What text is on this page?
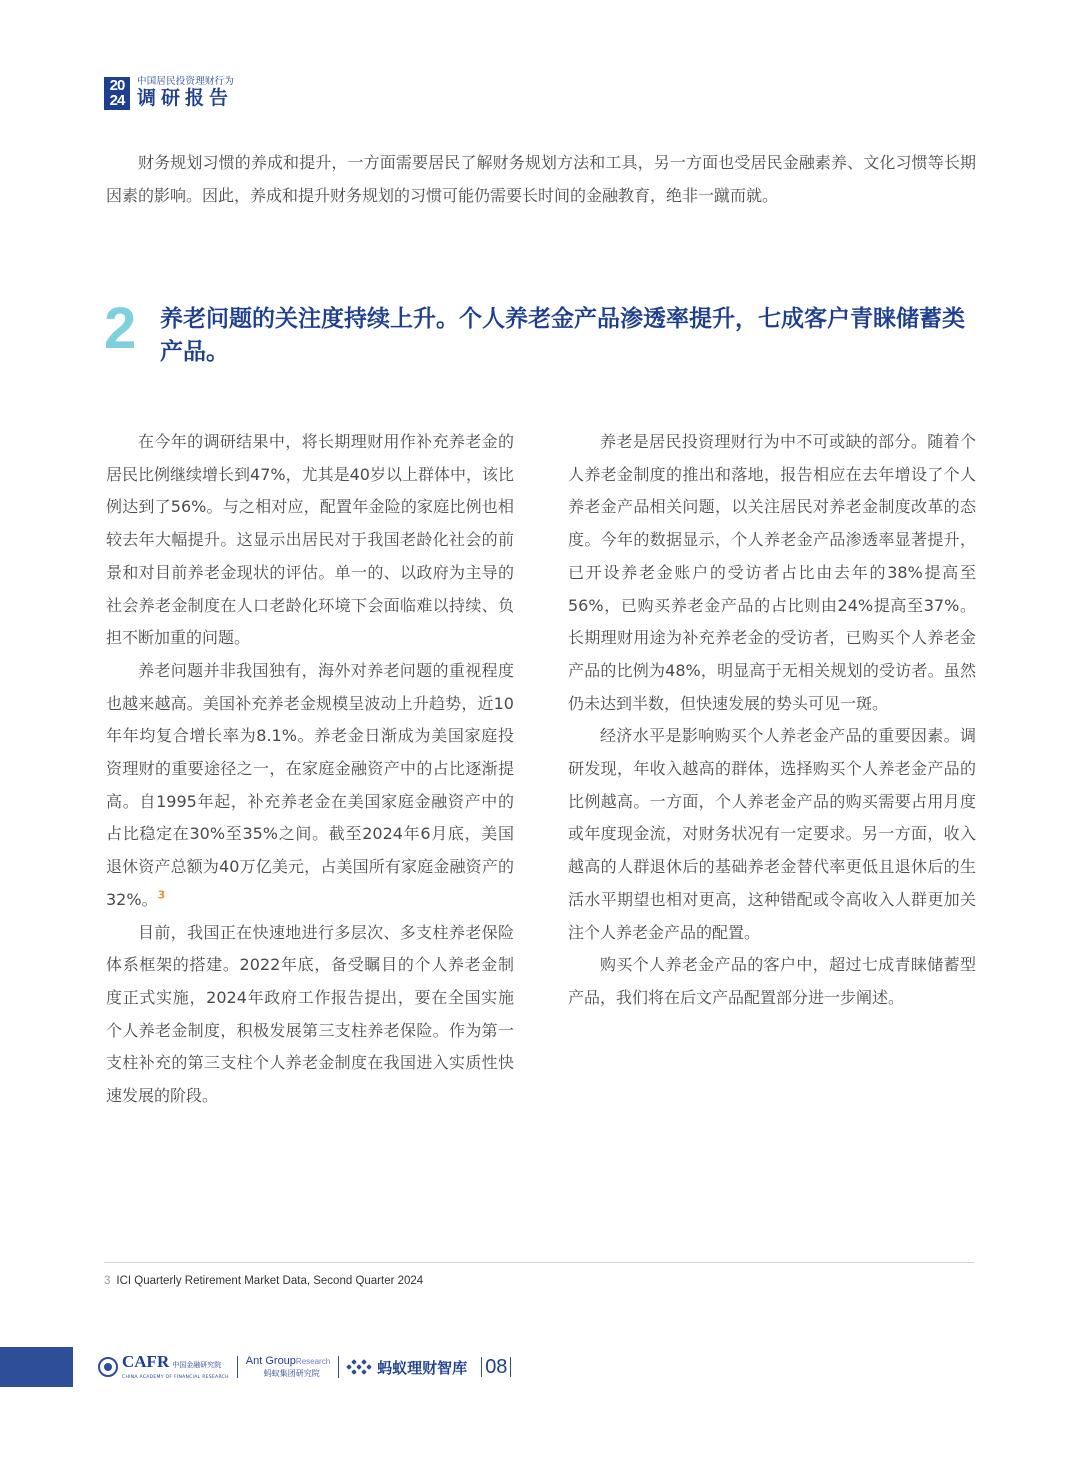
20
24
中国居民投资理财行为
调研报告

财务规划习惯的养成和提升，一方面需要居民了解财务规划方法和工具，另一方面也受居民金融素养、文化习惯等长期因素的影响。因此，养成和提升财务规划的习惯可能仍需要长时间的金融教育，绝非一蹴而就。

2 养老问题的关注度持续上升。个人养老金产品渗透率提升，七成客户青睐储蓄类产品。

在今年的调研结果中，将长期理财用作补充养老金的居民比例继续增长到47%，尤其是40岁以上群体中，该比例达到了56%。与之相对应，配置年金险的家庭比例也相较去年大幅提升。这显示出居民对于我国老龄化社会的前景和对目前养老金现状的评估。单一的、以政府为主导的社会养老金制度在人口老龄化环境下会面临难以持续、负担不断加重的问题。

养老问题并非我国独有，海外对养老问题的重视程度也越来越高。美国补充养老金规模呈波动上升趋势，近10年年均复合增长率为8.1%。养老金日渐成为美国家庭投资理财的重要途径之一，在家庭金融资产中的占比逐渐提高。自1995年起，补充养老金在美国家庭金融资产中的占比稳定在30%至35%之间。截至2024年6月底，美国退休资产总额为40万亿美元，占美国所有家庭金融资产的32%。$^3$

目前，我国正在快速地进行多层次、多支柱养老保险体系框架的搭建。2022年底，备受瞩目的个人养老金制度正式实施，2024年政府工作报告提出，要在全国实施个人养老金制度，积极发展第三支柱养老保险。作为第一支柱补充的第三支柱个人养老金制度在我国进入实质性快速发展的阶段。

养老是居民投资理财行为中不可或缺的部分。随着个人养老金制度的推出和落地，报告相应在去年增设了个人养老金产品相关问题，以关注居民对养老金制度改革的态度。今年的数据显示，个人养老金产品渗透率显著提升，已开设养老金账户的受访者占比由去年的38%提高至56%，已购买养老金产品的占比则由24%提高至37%。长期理财用途为补充养老金的受访者，已购买个人养老金产品的比例为48%，明显高于无相关规划的受访者。虽然仍未达到半数，但快速发展的势头可见一斑。

经济水平是影响购买个人养老金产品的重要因素。调研发现，年收入越高的群体，选择购买个人养老金产品的比例越高。一方面，个人养老金产品的购买需要占用月度或年度现金流，对财务状况有一定要求。另一方面，收入越高的人群退休后的基础养老金替代率更低且退休后的生活水平期望也相对更高，这种错配或令高收入人群更加关注个人养老金产品的配置。

购买个人养老金产品的客户中，超过七成青睐储蓄型产品，我们将在后文产品配置部分进一步阐述。

3 ICI Quarterly Retirement Market Data, Second Quarter 2024
CAFR 中国金融研究院
CHINA ACADEMY OF FINANCIAL RESEARCH
Ant GroupResearch
蚂蚁集团研究院	蚂蚁理财智库 08
